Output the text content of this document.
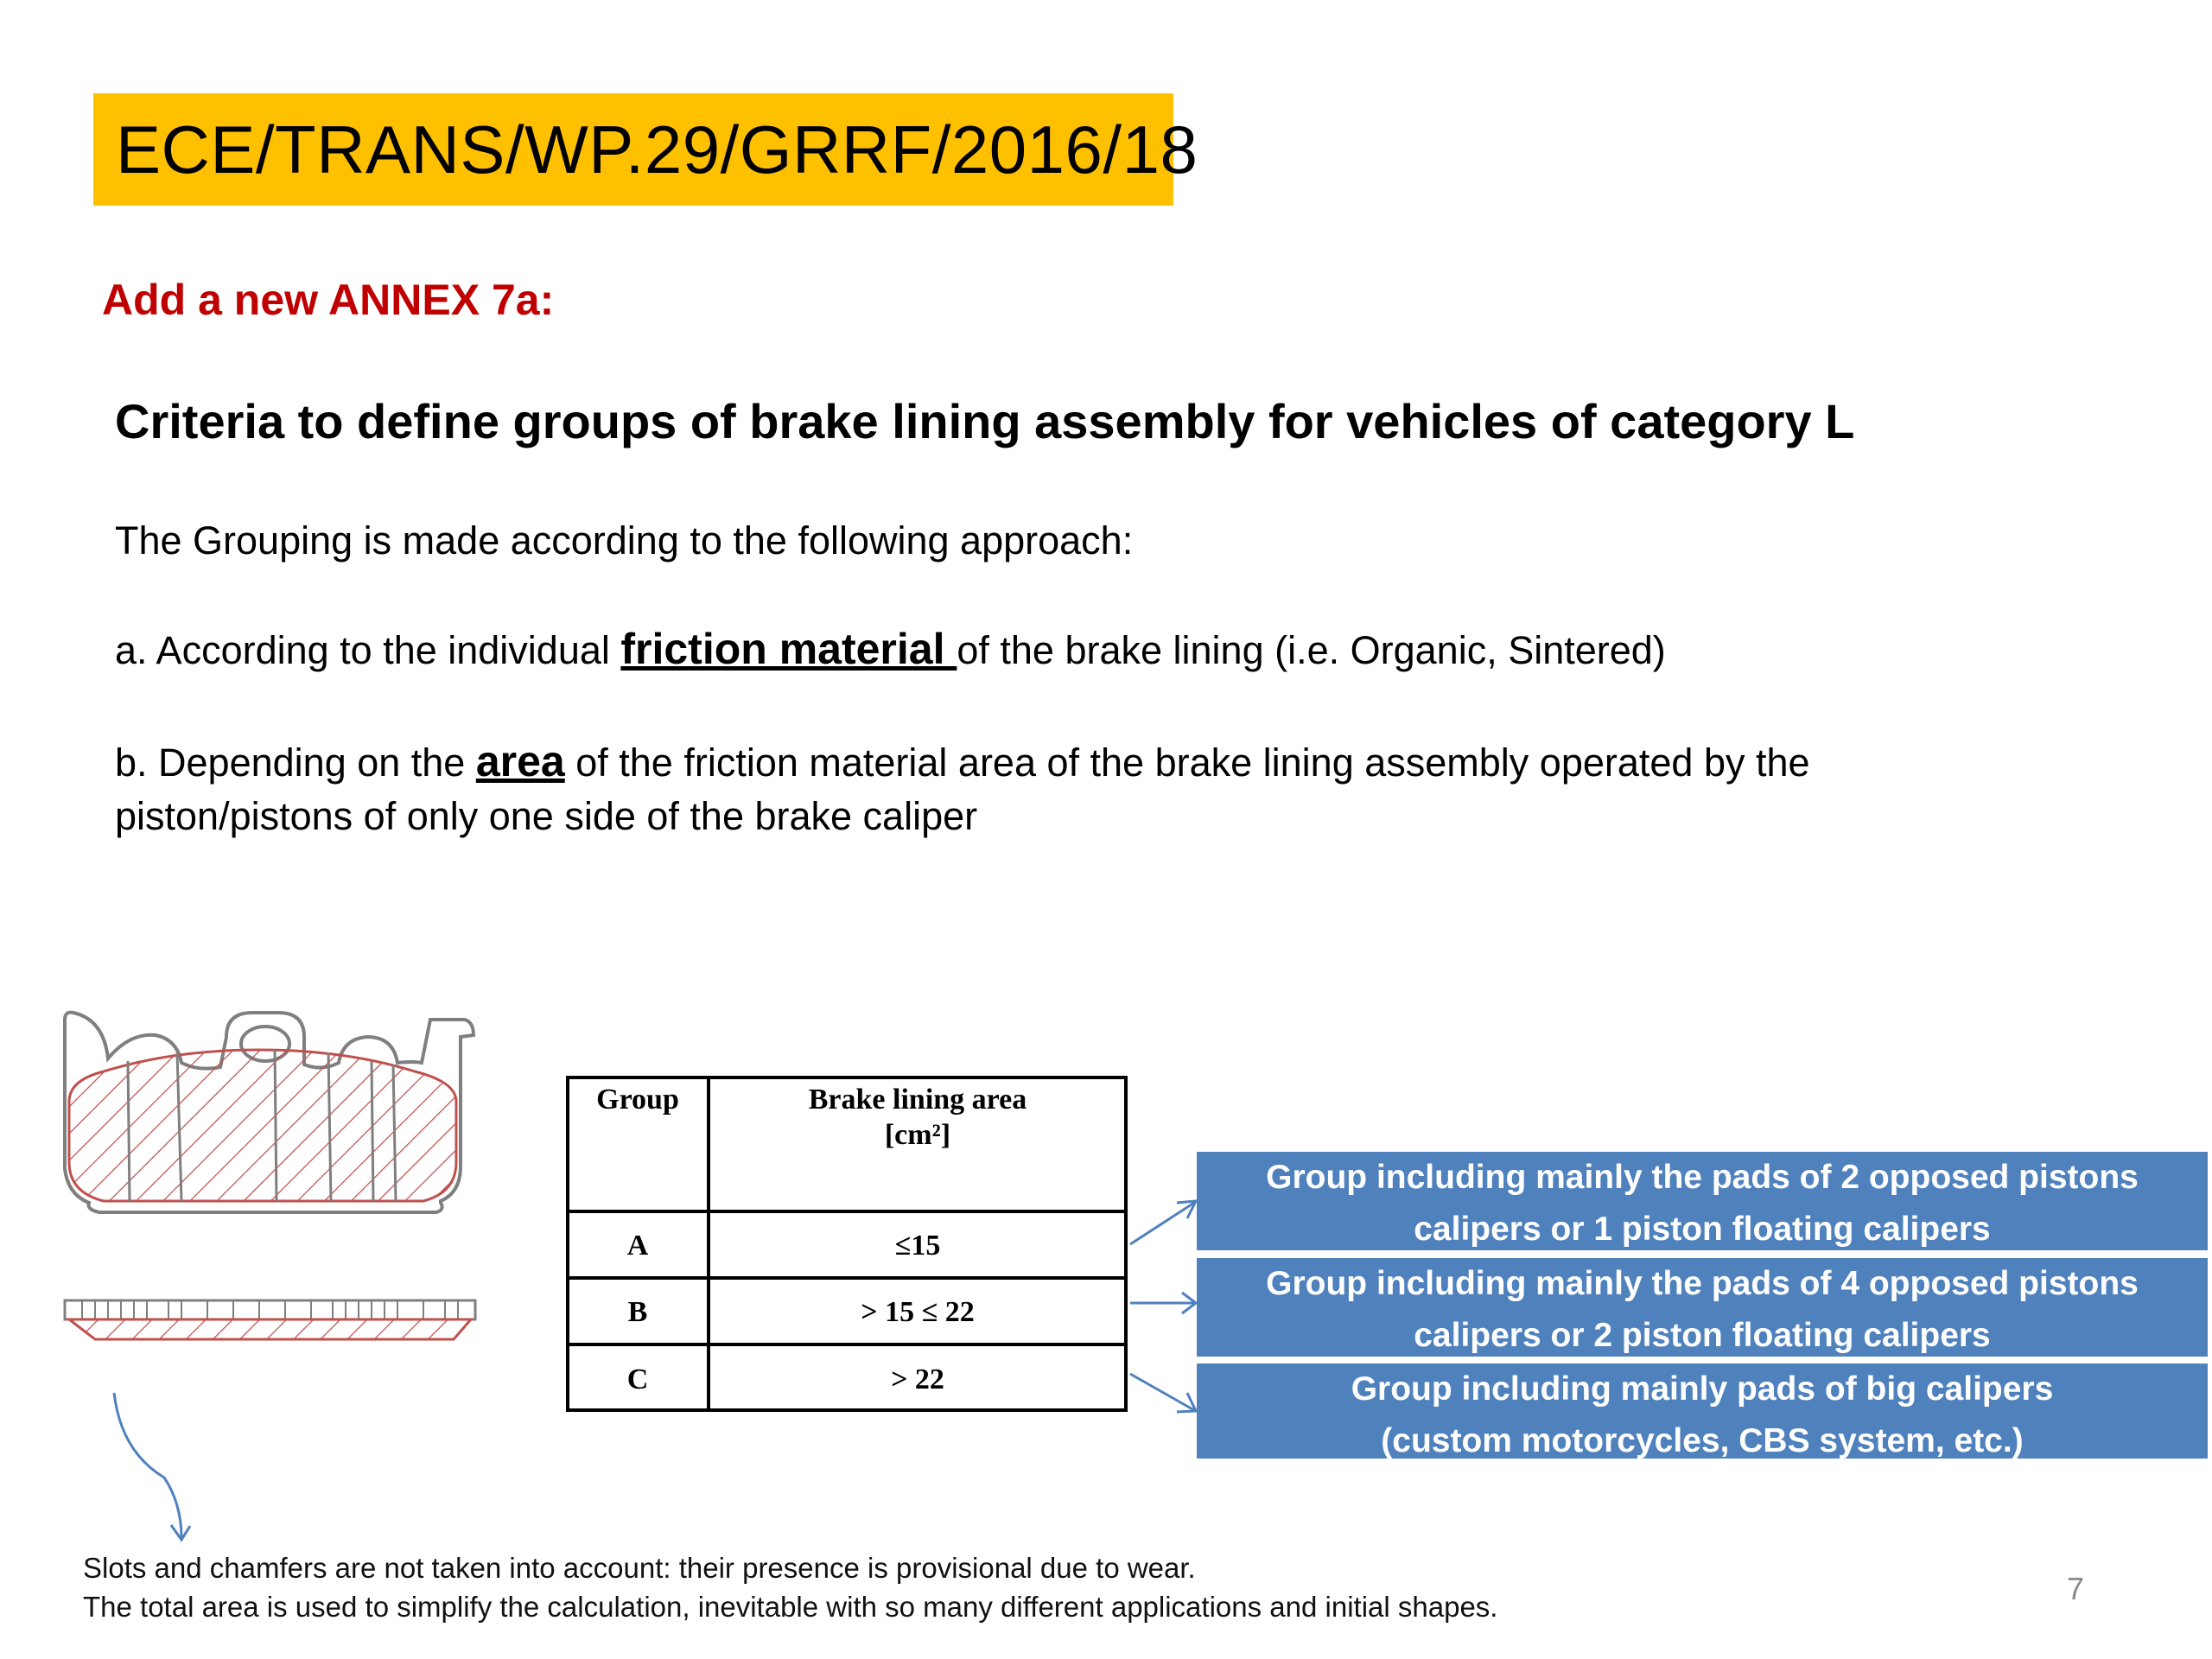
ECE/TRANS/WP.29/GRRF/2016/18
Add a new ANNEX 7a:
Criteria to define groups of brake lining assembly for vehicles of category L
The Grouping is made according to the following approach:
a. According to the individual friction material of the brake lining (i.e. Organic, Sintered)
b. Depending on the area of the friction material area of the brake lining assembly operated by the
piston/pistons of only one side of the brake caliper
Group	Brake lining area
[cm²]
A	≤15
B	> 15 ≤ 22
C	> 22
Group including mainly the pads of 2 opposed pistons
calipers or 1 piston floating calipers
Group including mainly the pads of 4 opposed pistons
calipers or 2 piston floating calipers
Group including mainly pads of big calipers
(custom motorcycles, CBS system, etc.)
Slots and chamfers are not taken into account: their presence is provisional due to wear.
The total area is used to simplify the calculation, inevitable with so many different applications and initial shapes.
7
